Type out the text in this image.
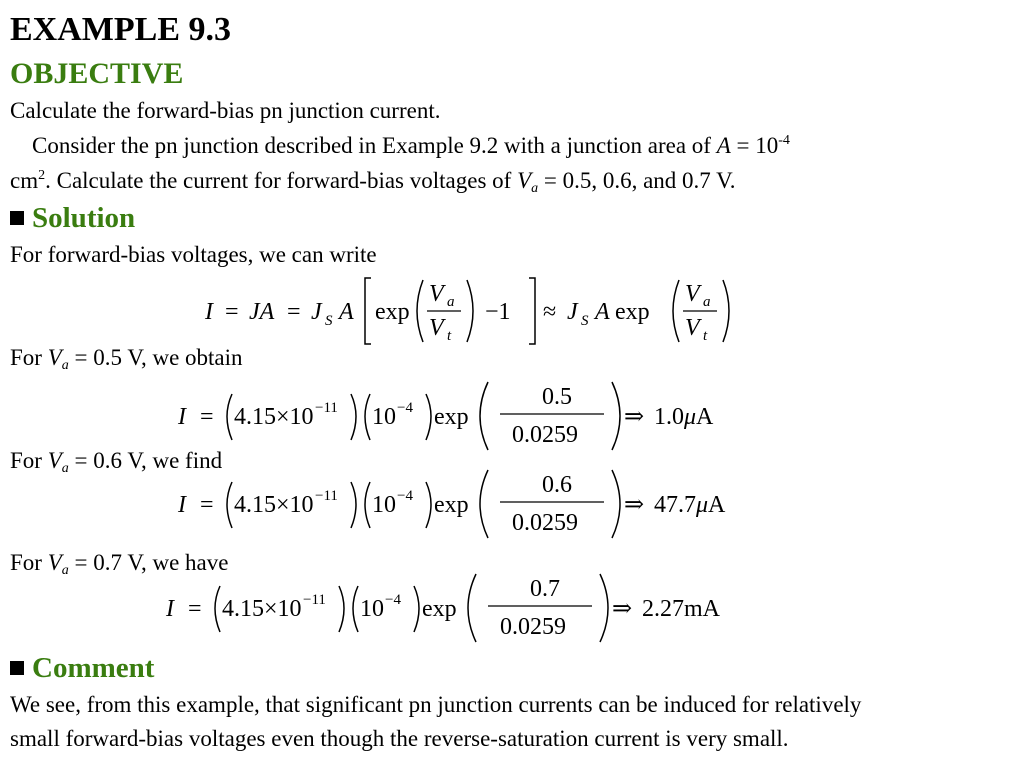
EXAMPLE 9.3
OBJECTIVE
Calculate the forward-bias pn junction current.
Consider the pn junction described in Example 9.2 with a junction area of $A = 10^{-4}$
$cm^2$. Calculate the current for forward-bias voltages of $V_a = 0.5$, 0.6, and 0.7 V.
Solution
For forward-bias voltages, we can write
I = JA = J S A exp
V a
V t
−1 ≈ J S A exp
V a
V t
For $V_a = 0.5$ V, we obtain
I = 4.15×10 −11 10 −4 exp
0.5
0.0259
⇒ 1.0 μ A
For $V_a = 0.6$ V, we find
I = 4.15×10 −11 10 −4 exp
0.6
0.0259
⇒ 47.7 μ A
For $V_a = 0.7$ V, we have
I = 4.15×10 −11 10 −4 exp
0.7
0.0259
⇒ 2.27mA
Comment
We see, from this example, that significant pn junction currents can be induced for relatively
small forward-bias voltages even though the reverse-saturation current is very small.
